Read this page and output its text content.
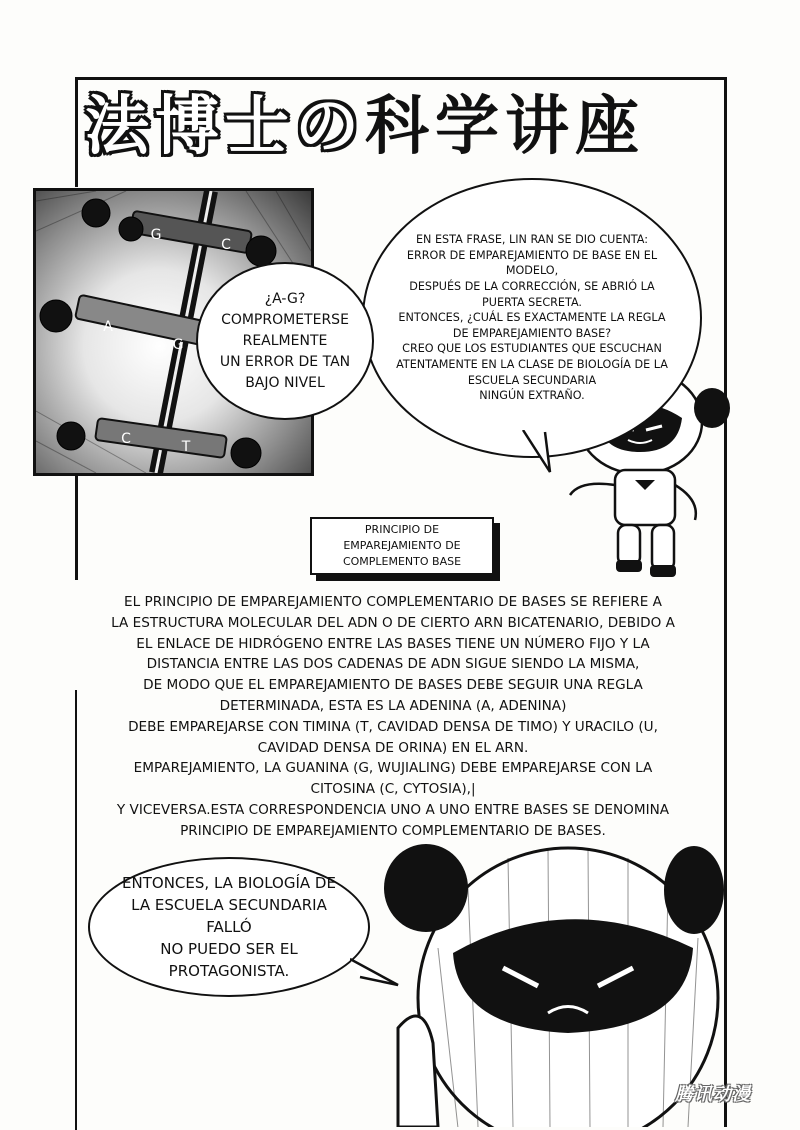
法博士の科学讲座
G
C
A
G
C	T

EN ESTA FRASE, LIN RAN SE DIO CUENTA:

ERROR DE EMPAREJAMIENTO DE BASE EN EL

MODELO,

DESPUÉS DE LA CORRECCIÓN, SE ABRIÓ LA

PUERTA SECRETA.

ENTONCES, ¿CUÁL ES EXACTAMENTE LA REGLA

DE EMPAREJAMIENTO BASE?

CREO QUE LOS ESTUDIANTES QUE ESCUCHAN

ATENTAMENTE EN LA CLASE DE BIOLOGÍA DE LA

ESCUELA SECUNDARIA

NINGÚN EXTRAÑO.

¿A-G?

COMPROMETERSE

REALMENTE

UN ERROR DE TAN

BAJO NIVEL

PRINCIPIO DE
EMPAREJAMIENTO DE
COMPLEMENTO BASE
EL PRINCIPIO DE EMPAREJAMIENTO COMPLEMENTARIO DE BASES SE REFIERE A
LA ESTRUCTURA MOLECULAR DEL ADN O DE CIERTO ARN BICATENARIO, DEBIDO A
EL ENLACE DE HIDRÓGENO ENTRE LAS BASES TIENE UN NÚMERO FIJO Y LA
DISTANCIA ENTRE LAS DOS CADENAS DE ADN SIGUE SIENDO LA MISMA,
DE MODO QUE EL EMPAREJAMIENTO DE BASES DEBE SEGUIR UNA REGLA
DETERMINADA, ESTA ES LA ADENINA (A, ADENINA)
DEBE EMPAREJARSE CON TIMINA (T, CAVIDAD DENSA DE TIMO) Y URACILO (U,
CAVIDAD DENSA DE ORINA) EN EL ARN.
EMPAREJAMIENTO, LA GUANINA (G, WUJIALING) DEBE EMPAREJARSE CON LA
CITOSINA (C, CYTOSIA),|
Y VICEVERSA.ESTA CORRESPONDENCIA UNO A UNO ENTRE BASES SE DENOMINA
PRINCIPIO DE EMPAREJAMIENTO COMPLEMENTARIO DE BASES.

ENTONCES, LA BIOLOGÍA DE

LA ESCUELA SECUNDARIA

FALLÓ

NO PUEDO SER EL

PROTAGONISTA.

腾讯动漫
